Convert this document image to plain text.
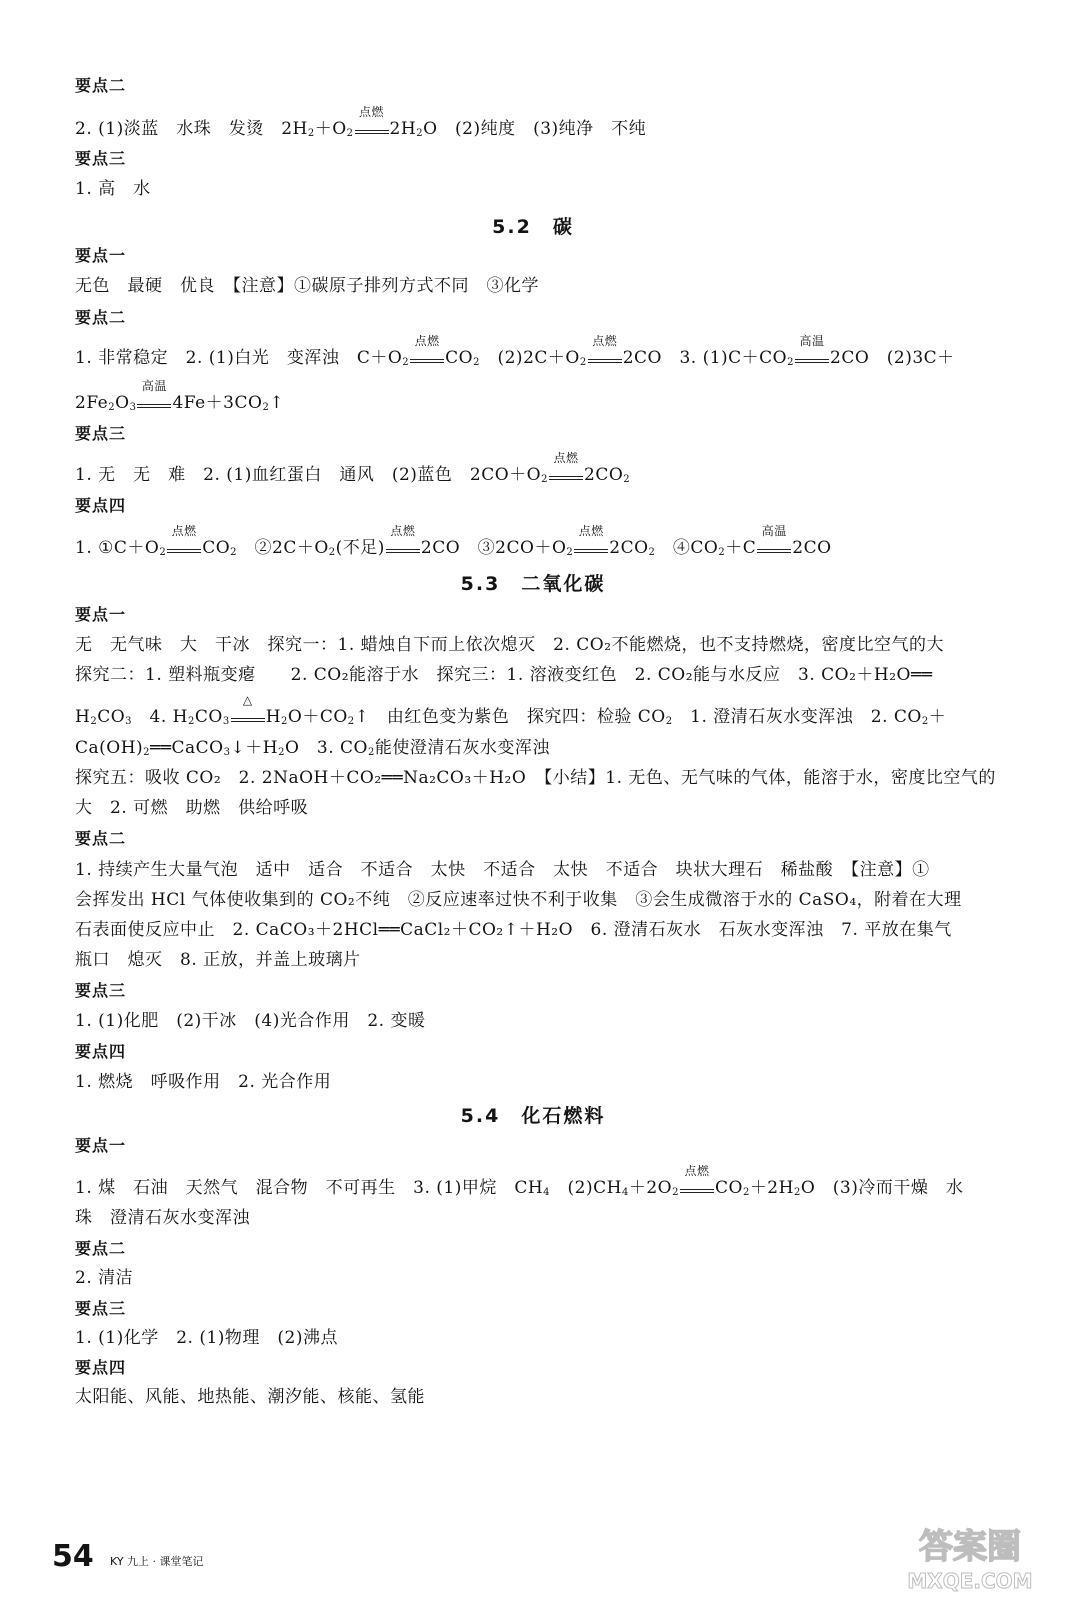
要点二
2. (1)淡蓝　水珠　发烫　$2H_2+O_2$
点燃
$2H_2O$　(2)纯度　(3)纯净　不纯
要点三
1. 高　水
5.2　碳
要点一
无色　最硬　优良　【注意】①碳原子排列方式不同　③化学
要点二
1. 非常稳定　2. (1)白光　变浑浊　$C+O_2$
点燃
$CO_2$　$(2)2C+O_2$
点燃
2CO　3. $(1)C+CO_2$
高温
2CO　(2)3C＋
$2Fe_2O_3$
高温
$4Fe+3CO_2↑$
要点三
1. 无　无　难　2. (1)血红蛋白　通风　(2)蓝色　$2CO+O_2$
点燃
$2CO_2$
要点四
1. $①C+O_2$
点燃
$CO_2$　$②2C+O_2$(不足)
点燃
2CO　$③2CO+O_2$
点燃
$2CO_2$　$④CO_2+C$
高温
2CO
5.3　二氧化碳
要点一
无　无气味　大　干冰　探究一：1. 蜡烛自下而上依次熄灭　2. CO₂不能燃烧，也不支持燃烧，密度比空气的大
探究二：1. 塑料瓶变瘪　　2. CO₂能溶于水　探究三：1. 溶液变红色　2. CO₂能与水反应　3. CO₂＋H₂O══
$H_2CO_3$　4. $H_2CO_3$
△
$H_2O+CO_2↑$　由红色变为紫色　探究四：检验 $CO_2$　1. 澄清石灰水变浑浊　2. $CO_2+$
$Ca(OH)_2══CaCO_3↓+H_2O$　3. $CO_2$能使澄清石灰水变浑浊
探究五：吸收 CO₂　2. 2NaOH＋CO₂══Na₂CO₃＋H₂O　【小结】1. 无色、无气味的气体，能溶于水，密度比空气的
大　2. 可燃　助燃　供给呼吸
要点二
1. 持续产生大量气泡　适中　适合　不适合　太快　不适合　太快　不适合　块状大理石　稀盐酸　【注意】①
会挥发出 HCl 气体使收集到的 CO₂不纯　②反应速率过快不利于收集　③会生成微溶于水的 CaSO₄，附着在大理
石表面使反应中止　2. CaCO₃＋2HCl══CaCl₂＋CO₂↑＋H₂O　6. 澄清石灰水　石灰水变浑浊　7. 平放在集气
瓶口　熄灭　8. 正放，并盖上玻璃片
要点三
1. (1)化肥　(2)干冰　(4)光合作用　2. 变暖
要点四
1. 燃烧　呼吸作用　2. 光合作用
5.4　化石燃料
要点一
1. 煤　石油　天然气　混合物　不可再生　3. (1)甲烷　$CH_4$　$(2)CH_4+2O_2$
点燃
$CO_2+2H_2O$　(3)冷而干燥　水
珠　澄清石灰水变浑浊
要点二
2. 清洁
要点三
1. (1)化学　2. (1)物理　(2)沸点
要点四
太阳能、风能、地热能、潮汐能、核能、氢能
54 KY 九上 · 课堂笔记	答案圈
MXQE.COM
